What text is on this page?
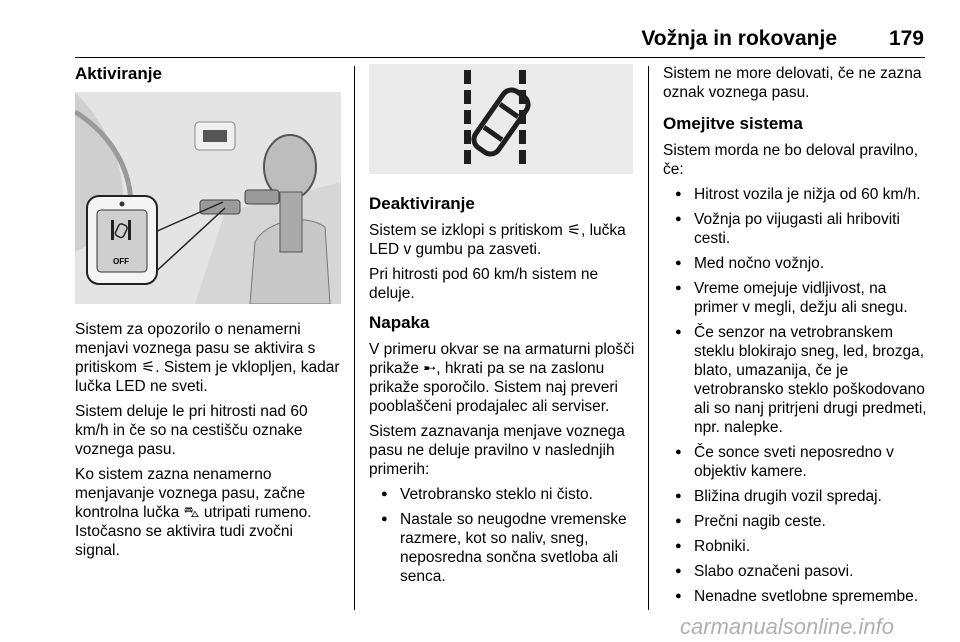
Vožnja in rokovanje 179
Aktiviranje
OFF

Sistem za opozorilo o nenamerni menjavi voznega pasu se aktivira s pritiskom ⚟. Sistem je vklopljen, kadar lučka LED ne sveti.

Sistem deluje le pri hitrosti nad 60 km/h in če so na cestišču oznake voznega pasu.

Ko sistem zazna nenamerno menjavanje voznega pasu, začne kontrolna lučka ⛍ utripati rumeno. Istočasno se aktivira tudi zvočni signal.

Deaktiviranje

Sistem se izklopi s pritiskom ⚟, lučka LED v gumbu pa zasveti.

Pri hitrosti pod 60 km/h sistem ne deluje.

Napaka

V primeru okvar se na armaturni plošči prikaže ➸, hkrati pa se na zaslonu prikaže sporočilo. Sistem naj preveri pooblaščeni prodajalec ali serviser.

Sistem zaznavanja menjave voznega pasu ne deluje pravilno v naslednjih primerih:

● Vetrobransko steklo ni čisto.
● Nastale so neugodne vremenske razmere, kot so naliv, sneg, neposredna sončna svetloba ali senca.

Sistem ne more delovati, če ne zazna oznak voznega pasu.

Omejitve sistema

Sistem morda ne bo deloval pravilno, če:

● Hitrost vozila je nižja od 60 km/h.
● Vožnja po vijugasti ali hriboviti cesti.
● Med nočno vožnjo.
● Vreme omejuje vidljivost, na primer v megli, dežju ali snegu.
● Če senzor na vetrobranskem steklu blokirajo sneg, led, brozga, blato, umazanija, če je vetrobransko steklo poškodovano ali so nanj pritrjeni drugi predmeti, npr. nalepke.
● Če sonce sveti neposredno v objektiv kamere.
● Bližina drugih vozil spredaj.
● Prečni nagib ceste.
● Robniki.
● Slabo označeni pasovi.
● Nenadne svetlobne spremembe.
carmanualsonline.info
